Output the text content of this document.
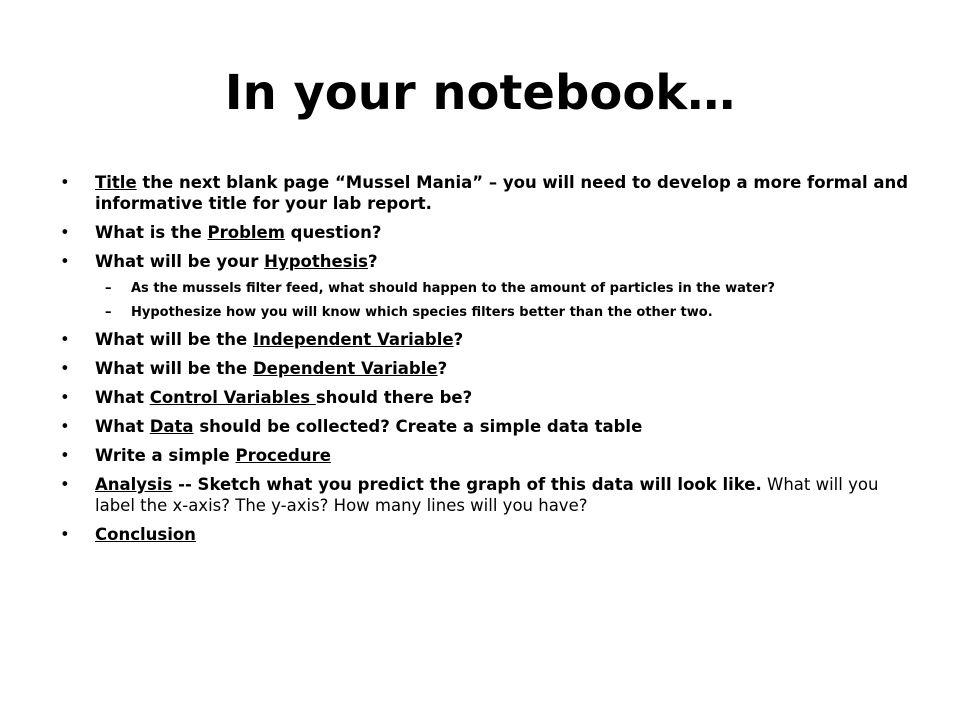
In your notebook…
• Title the next blank page “Mussel Mania” – you will need to develop a more formal and informative title for your lab report.
• What is the Problem question?
• What will be your Hypothesis?
– As the mussels filter feed, what should happen to the amount of particles in the water?
– Hypothesize how you will know which species filters better than the other two.
• What will be the Independent Variable?
• What will be the Dependent Variable?
• What Control Variables should there be?
• What Data should be collected? Create a simple data table
• Write a simple Procedure
• Analysis -- Sketch what you predict the graph of this data will look like. What will you label the x-axis? The y-axis? How many lines will you have?
• Conclusion
